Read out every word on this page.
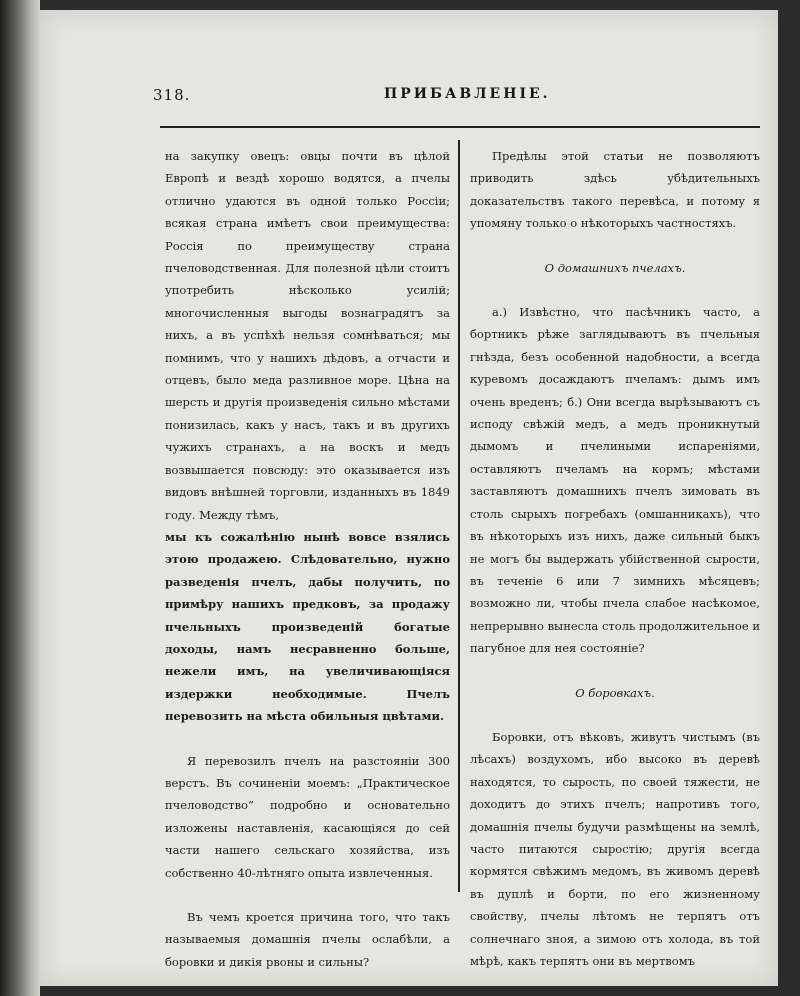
318.	ПРИБАВЛЕНІЕ.

на закупку овецъ: овцы почти въ цѣлой Европѣ и вездѣ хорошо водятся, а пчелы отлично удаются въ одной только Россіи; всякая страна имѣетъ свои преимущества: Россія по преимуществу страна пчеловодственная. Для полезной цѣли стоитъ употребить нѣсколько усилій; многочисленныя выгоды вознаградятъ за нихъ, а въ успѣхѣ нельзя сомнѣваться; мы помнимъ, что у нашихъ дѣдовъ, а отчасти и отцевъ, было меда разливное море. Цѣна на шерсть и другія произведенія сильно мѣстами понизилась, какъ у насъ, такъ и въ другихъ чужихъ странахъ, а на воскъ и медъ возвышается повсюду: это оказывается изъ видовъ внѣшней торговли, изданныхъ въ 1849 году. Между тѣмъ,

мы къ сожалѣнію нынѣ вовсе взялись этою продажею. Слѣдовательно, нужно разведенія пчелъ, дабы получить, по примѣру нашихъ предковъ, за продажу пчельныхъ произведеній богатые доходы, намъ несравненно больше, нежели имъ, на увеличивающіяся издержки необходимые. Пчелъ перевозить на мѣста обильныя цвѣтами.

Я перевозилъ пчелъ на разстояніи 300 верстъ. Въ сочиненіи моемъ: „Практическое пчеловодство“ подробно и основательно изложены наставленія, касающіяся до сей части нашего сельскаго хозяйства, изъ собственно 40-лѣтняго опыта извлеченныя.

Въ чемъ кроется причина того, что такъ называемыя домашнія пчелы ослабѣли, а боровки и дикія рвоны и сильны?

Предѣлы этой статьи не позволяютъ приводить здѣсь убѣдительныхъ доказательствъ такого перевѣса, и потому я упомяну только о нѣкоторыхъ частностяхъ.

О домашнихъ пчелахъ.

а.) Извѣстно, что пасѣчникъ часто, а бортникъ рѣже заглядываютъ въ пчельныя гнѣзда, безъ особенной надобности, а всегда куревомъ досаждаютъ пчеламъ: дымъ имъ очень вреденъ; б.) Они всегда вырѣзываютъ съ исподу свѣжій медъ, а медъ проникнутый дымомъ и пчелиными испареніями, оставляютъ пчеламъ на кормъ; мѣстами заставляютъ домашнихъ пчелъ зимовать въ столь сырыхъ погребахъ (омшанникахъ), что въ нѣкоторыхъ изъ нихъ, даже сильный быкъ не могъ бы выдержать убійственной сырости, въ теченіе 6 или 7 зимнихъ мѣсяцевъ; возможно ли, чтобы пчела слабое насѣкомое, непрерывно вынесла столь продолжительное и пагубное для нея состояніе?

О боровкахъ.

Боровки, отъ вѣковъ, живутъ чистымъ (въ лѣсахъ) воздухомъ, ибо высоко въ деревѣ находятся, то сырость, по своей тяжести, не доходитъ до этихъ пчелъ; напротивъ того, домашнія пчелы будучи размѣщены на землѣ, часто питаются сыростію; другія всегда кормятся свѣжимъ медомъ, въ живомъ деревѣ въ дуплѣ и борти, по его жизненному свойству, пчелы лѣтомъ не терпятъ отъ солнечнаго зноя, а зимою отъ холода, въ той мѣрѣ, какъ терпятъ они въ мертвомъ
